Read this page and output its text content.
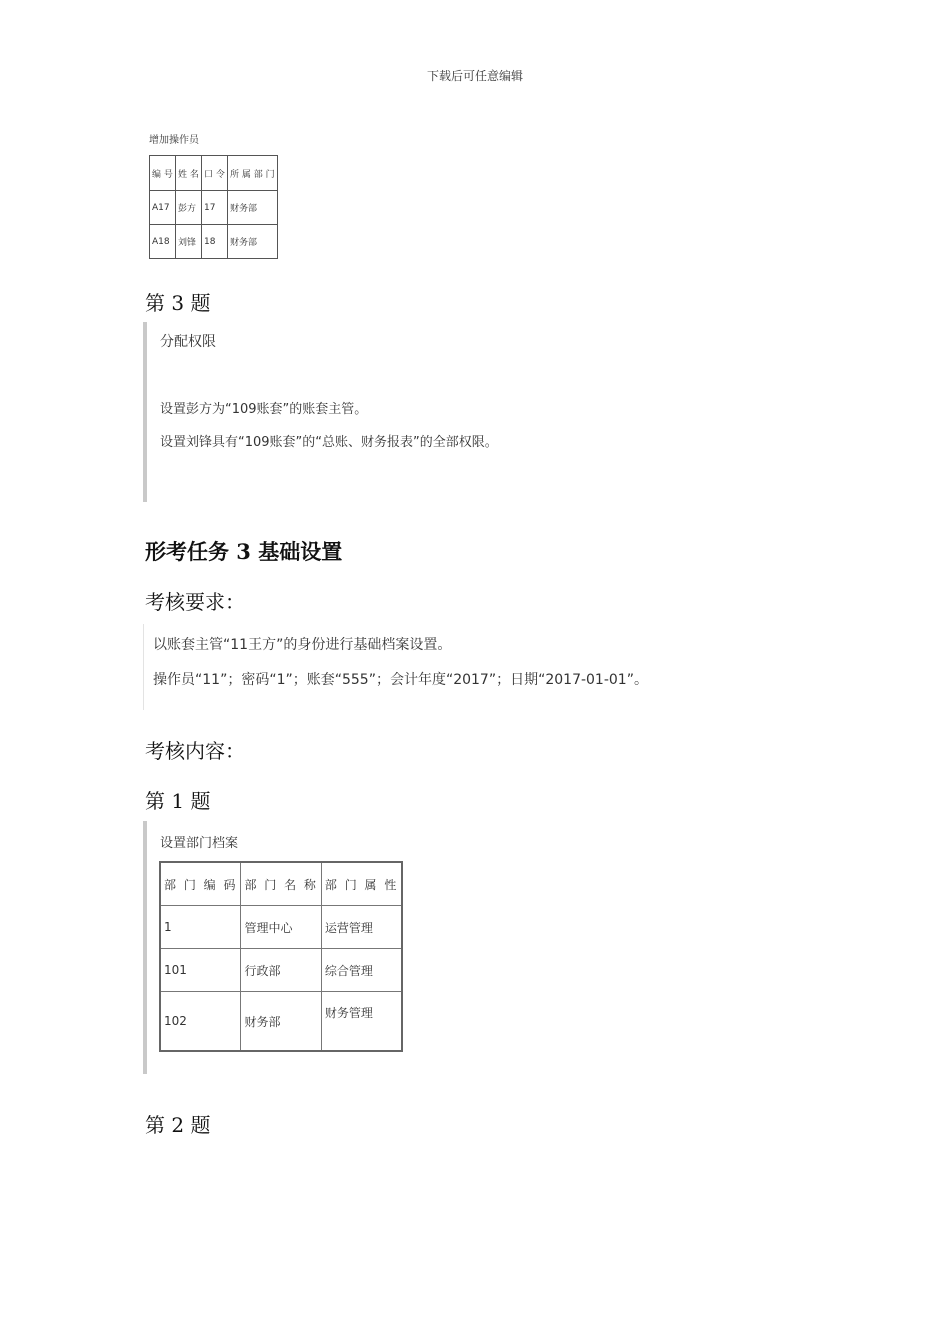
下载后可任意编辑
增加操作员
编 号	姓 名	口 令	所 属 部 门
A17	彭方	17	财务部
A18	刘锋	18	财务部
第 3 题
分配权限
设置彭方为“109账套”的账套主管。
设置刘锋具有“109账套”的“总账、财务报表”的全部权限。
形考任务 3 基础设置
考核要求：
以账套主管“11王方”的身份进行基础档案设置。
操作员“11”；密码“1”；账套“555”；会计年度“2017”；日期“2017-01-01”。
考核内容：
第 1 题
设置部门档案
部 门 编 码	部 门 名 称	部 门 属 性
1	管理中心	运营管理
101	行政部	综合管理
102	财务部	财务管理
第 2 题
